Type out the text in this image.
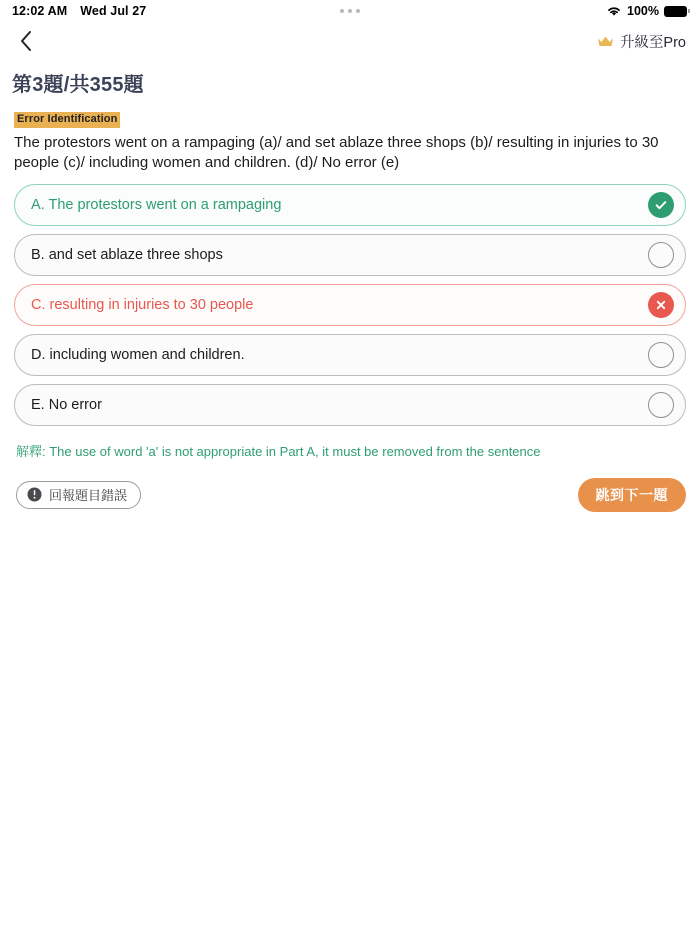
12:02 AM Wed Jul 27	100%
升級至Pro
第3題/共355題
Error Identification
The protestors went on a rampaging (a)/ and set ablaze three shops (b)/ resulting in injuries to 30 people (c)/ including women and children. (d)/ No error (e)
A. The protestors went on a rampaging
B. and set ablaze three shops
C. resulting in injuries to 30 people
D. including women and children.
E. No error
解釋: The use of word 'a' is not appropriate in Part A, it must be removed from the sentence
回報題目錯誤	跳到下一題
